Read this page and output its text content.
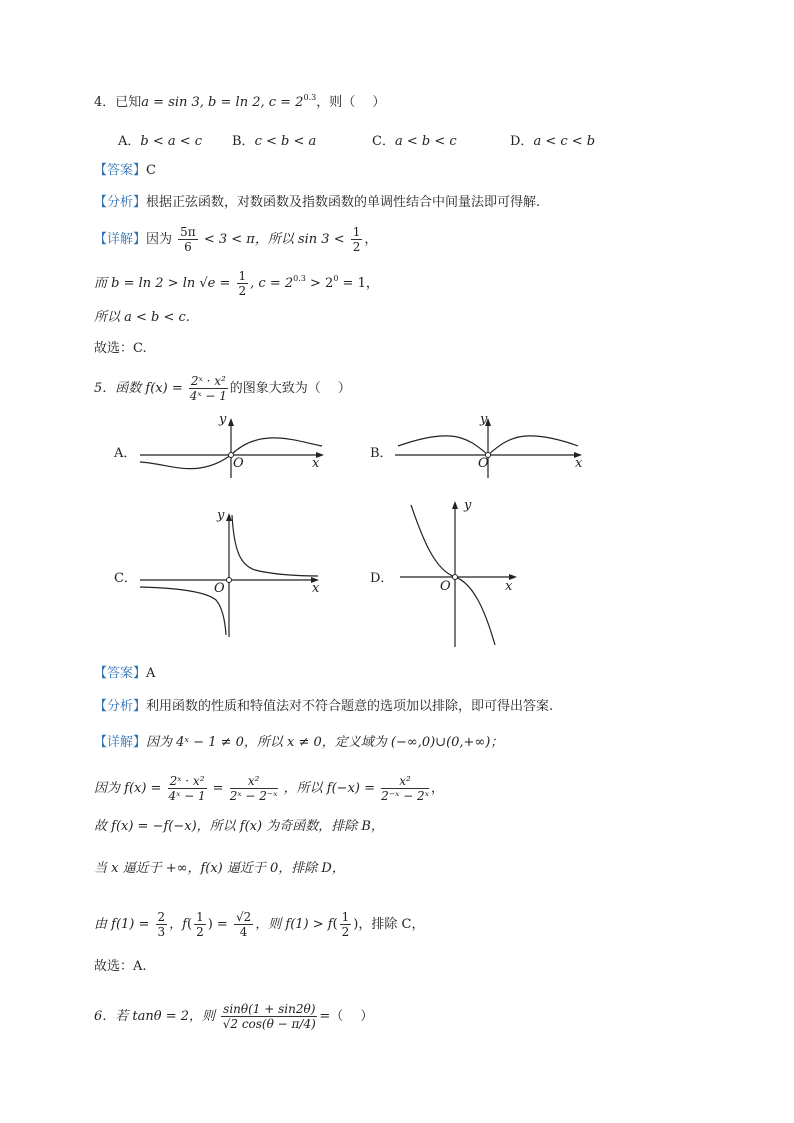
4．已知a = sin 3, b = ln 2, $c = 2^{0.3}$，则（　 ）
A．b < a < c B．c < b < a	C．a < b < c	D．a < c < b
【答案】C
【分析】根据正弦函数，对数函数及指数函数的单调性结合中间量法即可得解.
【详解】因为 $\frac{5\pi}{6} < 3 < \pi$，所以 $\sin 3 < \frac{1}{2}$ ，
而 $b = \ln 2 > \ln √e = \frac{1}{2}$ , $c = 2^{0.3} > 2^0 = 1$，
所以 a < b < c.
故选：C.
5．函数 $f(x) = \frac{\text{2ˣ · x²}}{\text{4ˣ − 1}}$ 的图象大致为（　 ）
A．
y
x
O
B．
y
x
O
C．
y
x
O
D．
y
x
O
【答案】A
【分析】利用函数的性质和特值法对不符合题意的选项加以排除，即可得出答案.
【详解】因为 4ˣ − 1 ≠ 0，所以 x ≠ 0，定义域为 (−∞,0)∪(0,+∞)；
因为 $f(x) = \frac{\text{2ˣ · x²}}{\text{4ˣ − 1}} = \frac{\text{x²}}{\text{2ˣ − 2⁻ˣ}}$ ，所以 $f(-x) = \frac{\text{x²}}{\text{2⁻ˣ − 2ˣ}}$ ，
故 f(x) = −f(−x)，所以 f(x) 为奇函数，排除 B，
当 x 逼近于 +∞，f(x) 逼近于 0，排除 D，
由 $f(1) = \frac{2}{3}$ ，$f( \frac{1}{2}$ ) = $\frac{√2}{4}$ ，则 $f(1) > f( \frac{1}{2}$ )，排除 C，
故选：A.
6．若 tanθ = 2，则 $\frac{\sin\theta(1 + \sin 2\theta)}{√2 \cos(\theta - \pi/4)}$ =（　 ）
